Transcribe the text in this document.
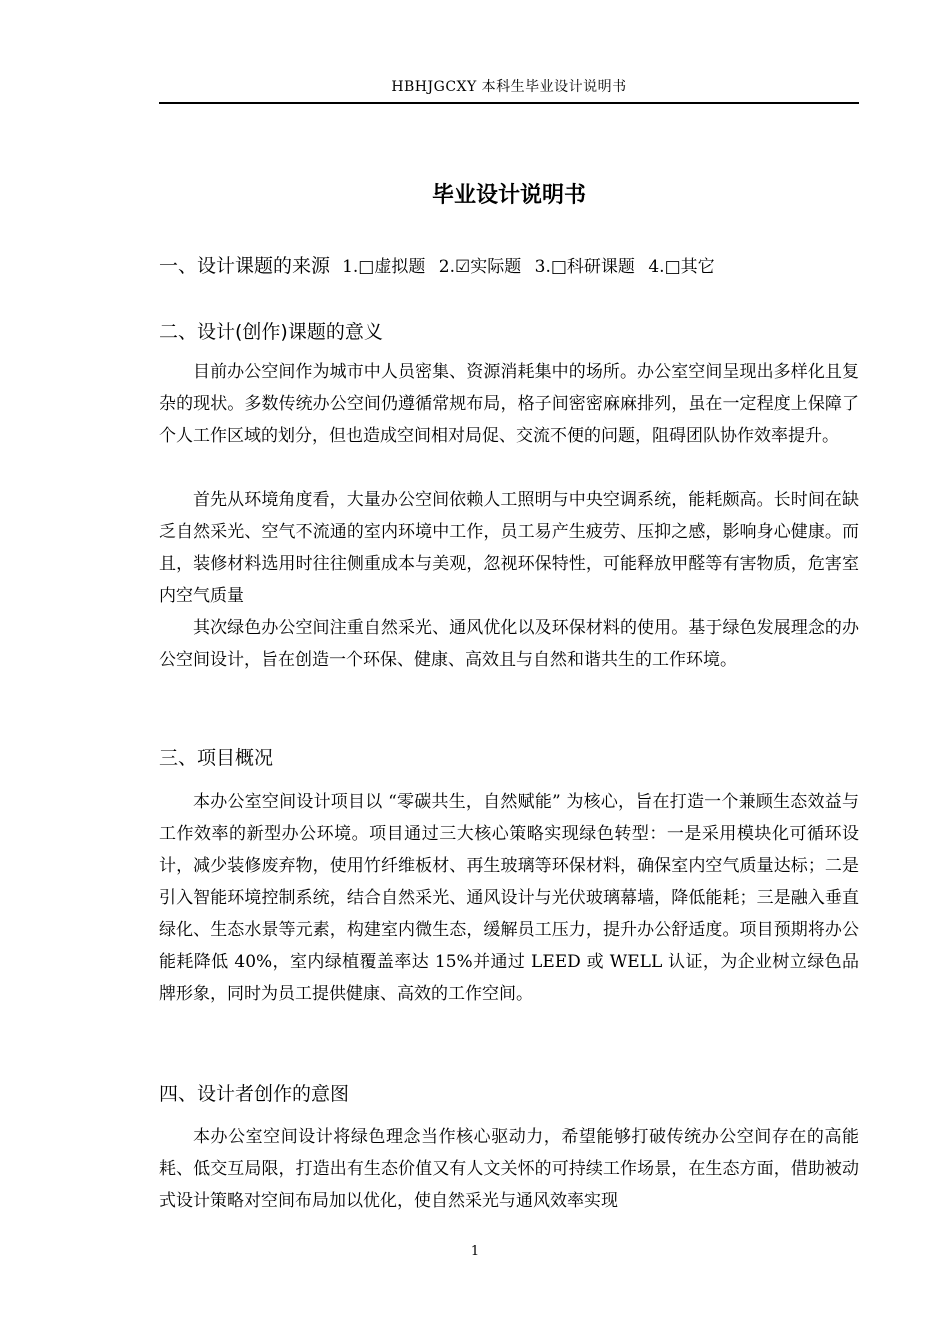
HBHJGCXY 本科生毕业设计说明书
毕业设计说明书
一、设计课题的来源 1.□虚拟题 2.☑实际题 3.□科研课题 4.□其它
二、设计(创作)课题的意义

目前办公空间作为城市中人员密集、资源消耗集中的场所。办公室空间呈现出多样化且复杂的现状。多数传统办公空间仍遵循常规布局，格子间密密麻麻排列，虽在一定程度上保障了个人工作区域的划分，但也造成空间相对局促、交流不便的问题，阻碍团队协作效率提升。

首先从环境角度看，大量办公空间依赖人工照明与中央空调系统，能耗颇高。长时间在缺乏自然采光、空气不流通的室内环境中工作，员工易产生疲劳、压抑之感，影响身心健康。而且，装修材料选用时往往侧重成本与美观，忽视环保特性，可能释放甲醛等有害物质，危害室内空气质量

其次绿色办公空间注重自然采光、通风优化以及环保材料的使用。基于绿色发展理念的办公空间设计，旨在创造一个环保、健康、高效且与自然和谐共生的工作环境。

三、项目概况

本办公室空间设计项目以 “零碳共生，自然赋能” 为核心，旨在打造一个兼顾生态效益与工作效率的新型办公环境。项目通过三大核心策略实现绿色转型：一是采用模块化可循环设计，减少装修废弃物，使用竹纤维板材、再生玻璃等环保材料，确保室内空气质量达标；二是引入智能环境控制系统，结合自然采光、通风设计与光伏玻璃幕墙，降低能耗；三是融入垂直绿化、生态水景等元素，构建室内微生态，缓解员工压力，提升办公舒适度。项目预期将办公能耗降低 40%，室内绿植覆盖率达 15%并通过 LEED 或 WELL 认证，为企业树立绿色品牌形象，同时为员工提供健康、高效的工作空间。

四、设计者创作的意图

本办公室空间设计将绿色理念当作核心驱动力，希望能够打破传统办公空间存在的高能耗、低交互局限，打造出有生态价值又有人文关怀的可持续工作场景，在生态方面，借助被动式设计策略对空间布局加以优化，使自然采光与通风效率实现

1
